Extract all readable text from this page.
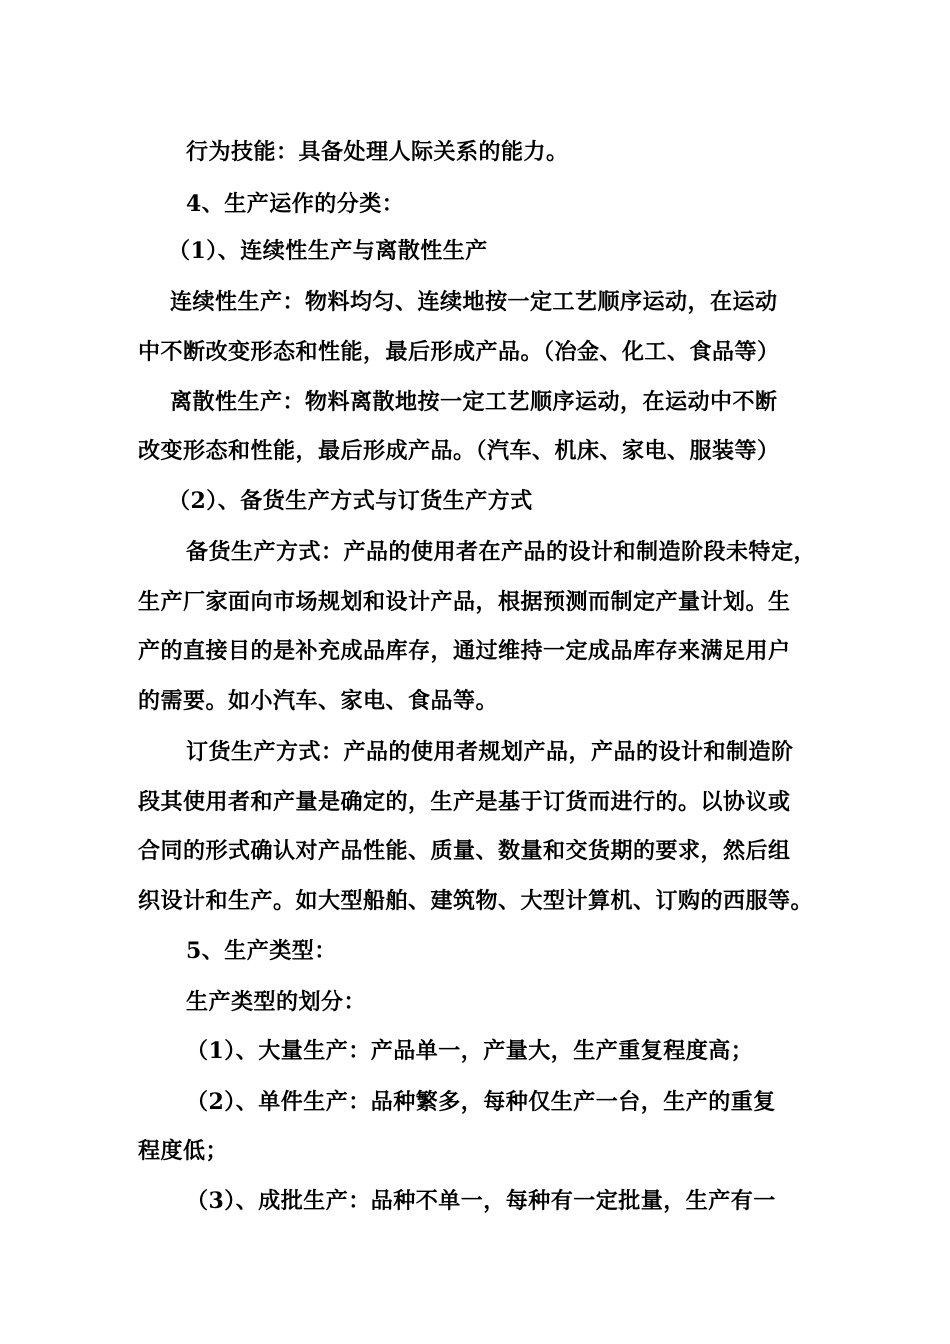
行为技能：具备处理人际关系的能力。

4、生产运作的分类：

（1）、连续性生产与离散性生产

连续性生产：物料均匀、连续地按一定工艺顺序运动，在运动

中不断改变形态和性能，最后形成产品。（冶金、化工、食品等）

离散性生产：物料离散地按一定工艺顺序运动，在运动中不断

改变形态和性能，最后形成产品。（汽车、机床、家电、服装等）

（2）、备货生产方式与订货生产方式

备货生产方式：产品的使用者在产品的设计和制造阶段未特定，

生产厂家面向市场规划和设计产品，根据预测而制定产量计划。生

产的直接目的是补充成品库存，通过维持一定成品库存来满足用户

的需要。如小汽车、家电、食品等。

订货生产方式：产品的使用者规划产品，产品的设计和制造阶

段其使用者和产量是确定的，生产是基于订货而进行的。以协议或

合同的形式确认对产品性能、质量、数量和交货期的要求，然后组

织设计和生产。如大型船舶、建筑物、大型计算机、订购的西服等。

5、生产类型：

生产类型的划分：

（1）、大量生产：产品单一，产量大，生产重复程度高；

（2）、单件生产：品种繁多，每种仅生产一台，生产的重复

程度低；

（3）、成批生产：品种不单一，每种有一定批量，生产有一
